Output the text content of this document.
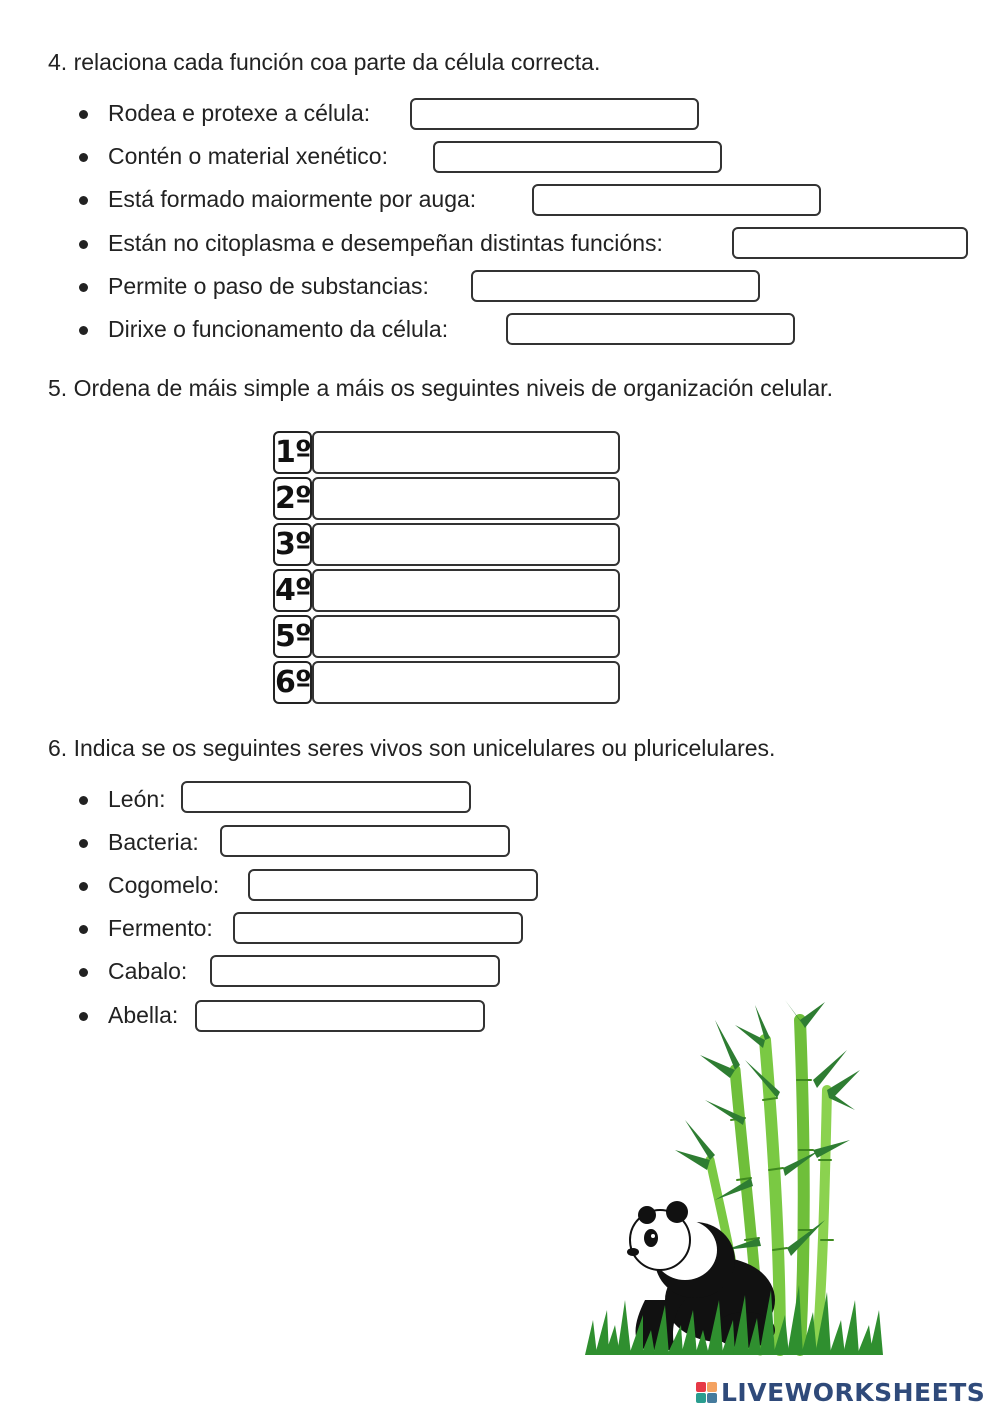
4. relaciona cada función coa parte da célula correcta.
Rodea e protexe a célula:
Contén o material xenético:
Está formado maiormente por auga:
Están no citoplasma e desempeñan distintas funcións:
Permite o paso de substancias:
Dirixe o funcionamento da célula:
5. Ordena de máis simple a máis os seguintes niveis de organización celular.
1º
2º
3º
4º
5º
6º
6. Indica se os seguintes seres vivos son unicelulares ou pluricelulares.
León:
Bacteria:
Cogomelo:
Fermento:
Cabalo:
Abella:
LIVEWORKSHEETS
